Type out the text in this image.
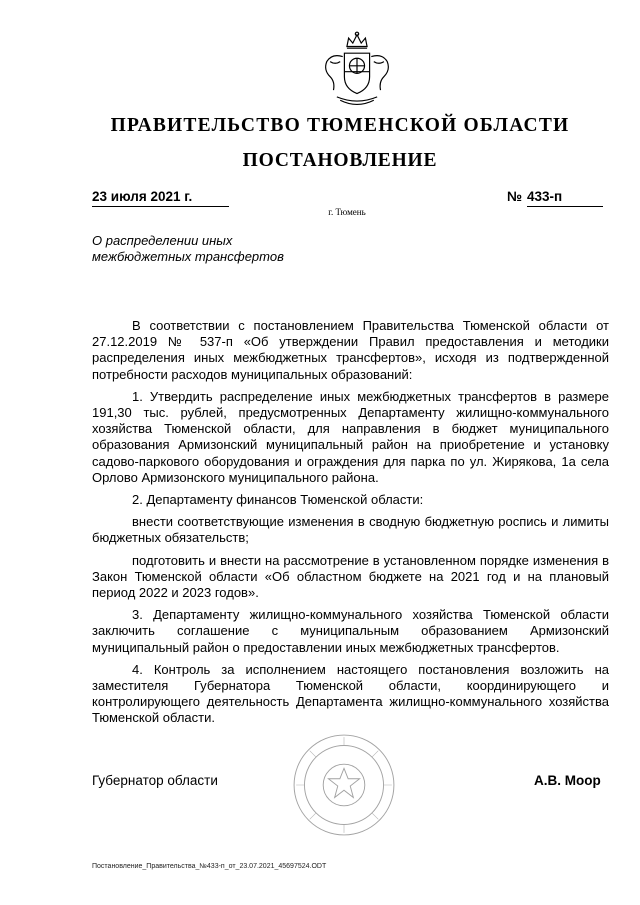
ПРАВИТЕЛЬСТВО ТЮМЕНСКОЙ ОБЛАСТИ
ПОСТАНОВЛЕНИЕ
23 июля 2021 г.	№ 433-п
г. Тюмень
О распределении иных
межбюджетных трансфертов

В соответствии с постановлением Правительства Тюменской области от 27.12.2019 № 537-п «Об утверждении Правил предоставления и методики распределения иных межбюджетных трансфертов», исходя из подтвержденной потребности расходов муниципальных образований:

1. Утвердить распределение иных межбюджетных трансфертов в размере 191,30 тыс. рублей, предусмотренных Департаменту жилищно-коммунального хозяйства Тюменской области, для направления в бюджет муниципального образования Армизонский муниципальный район на приобретение и установку садово-паркового оборудования и ограждения для парка по ул. Жирякова, 1а села Орлово Армизонского муниципального района.

2. Департаменту финансов Тюменской области:

внести соответствующие изменения в сводную бюджетную роспись и лимиты бюджетных обязательств;

подготовить и внести на рассмотрение в установленном порядке изменения в Закон Тюменской области «Об областном бюджете на 2021 год и на плановый период 2022 и 2023 годов».

3. Департаменту жилищно-коммунального хозяйства Тюменской области заключить соглашение с муниципальным образованием Армизонский муниципальный район о предоставлении иных межбюджетных трансфертов.

4. Контроль за исполнением настоящего постановления возложить на заместителя Губернатора Тюменской области, координирующего и контролирующего деятельность Департамента жилищно-коммунального хозяйства Тюменской области.

Губернатор области	А.В. Моор
Постановление_Правительства_№433-п_от_23.07.2021_45697524.ODT
